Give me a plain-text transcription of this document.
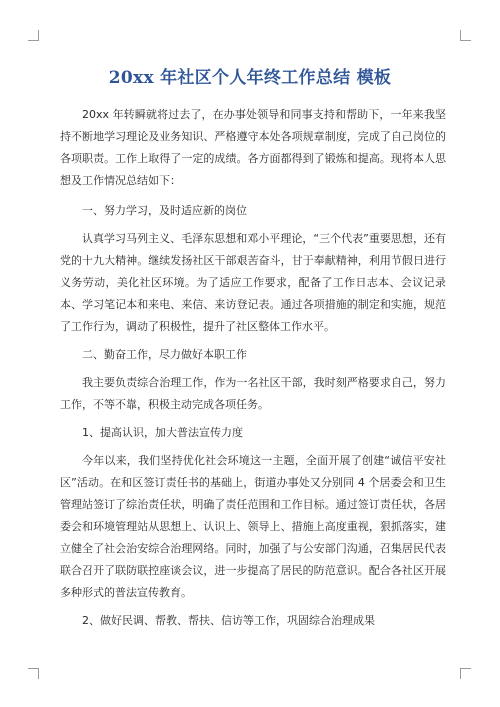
20xx 年社区个人年终工作总结 模板

20xx 年转瞬就将过去了，在办事处领导和同事支持和帮助下，一年来我坚持不断地学习理论及业务知识、严格遵守本处各项规章制度，完成了自己岗位的各项职责。工作上取得了一定的成绩。各方面都得到了锻炼和提高。现将本人思想及工作情况总结如下：

一、努力学习，及时适应新的岗位

认真学习马列主义、毛泽东思想和邓小平理论，“三个代表”重要思想，还有党的十九大精神。继续发扬社区干部艰苦奋斗，甘于奉献精神，利用节假日进行义务劳动，美化社区环境。为了适应工作要求，配备了工作日志本、会议记录本、学习笔记本和来电、来信、来访登记表。通过各项措施的制定和实施，规范了工作行为，调动了积极性，提升了社区整体工作水平。

二、勤奋工作，尽力做好本职工作

我主要负责综合治理工作，作为一名社区干部，我时刻严格要求自己，努力工作，不等不靠，积极主动完成各项任务。

1、提高认识，加大普法宣传力度

今年以来，我们坚持优化社会环境这一主题，全面开展了创建“诚信平安社区”活动。在和区签订责任书的基础上，街道办事处又分别同 4 个居委会和卫生管理站签订了综治责任状，明确了责任范围和工作目标。通过签订责任状，各居委会和环境管理站从思想上、认识上、领导上、措施上高度重视，狠抓落实，建立健全了社会治安综合治理网络。同时，加强了与公安部门沟通，召集居民代表联合召开了联防联控座谈会议，进一步提高了居民的防范意识。配合各社区开展多种形式的普法宣传教育。

2、做好民调、帮教、帮扶、信访等工作，巩固综合治理成果
